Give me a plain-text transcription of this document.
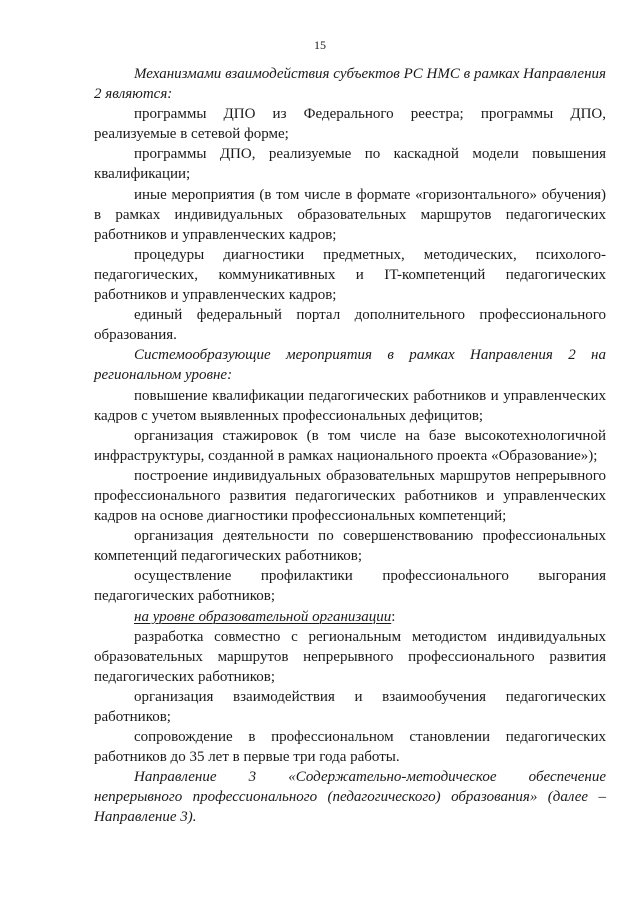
15

Механизмами взаимодействия субъектов РС НМС в рамках Направления 2 являются:

программы ДПО из Федерального реестра; программы ДПО, реализуемые в сетевой форме;

программы ДПО, реализуемые по каскадной модели повышения квалификации;

иные мероприятия (в том числе в формате «горизонтального» обучения) в рамках индивидуальных образовательных маршрутов педагогических работников и управленческих кадров;

процедуры диагностики предметных, методических, психолого-педагогических, коммуникативных и IT-компетенций педагогических работников и управленческих кадров;

единый федеральный портал дополнительного профессионального образования.

Системообразующие мероприятия в рамках Направления 2 на региональном уровне:

повышение квалификации педагогических работников и управленческих кадров с учетом выявленных профессиональных дефицитов;

организация стажировок (в том числе на базе высокотехнологичной инфраструктуры, созданной в рамках национального проекта «Образование»);

построение индивидуальных образовательных маршрутов непрерывного профессионального развития педагогических работников и управленческих кадров на основе диагностики профессиональных компетенций;

организация деятельности по совершенствованию профессиональных компетенций педагогических работников;

осуществление профилактики профессионального выгорания педагогических работников;

на уровне образовательной организации:

разработка совместно с региональным методистом индивидуальных образовательных маршрутов непрерывного профессионального развития педагогических работников;

организация взаимодействия и взаимообучения педагогических работников;

сопровождение в профессиональном становлении педагогических работников до 35 лет в первые три года работы.

Направление 3 «Содержательно-методическое обеспечение непрерывного профессионального (педагогического) образования» (далее – Направление 3).
